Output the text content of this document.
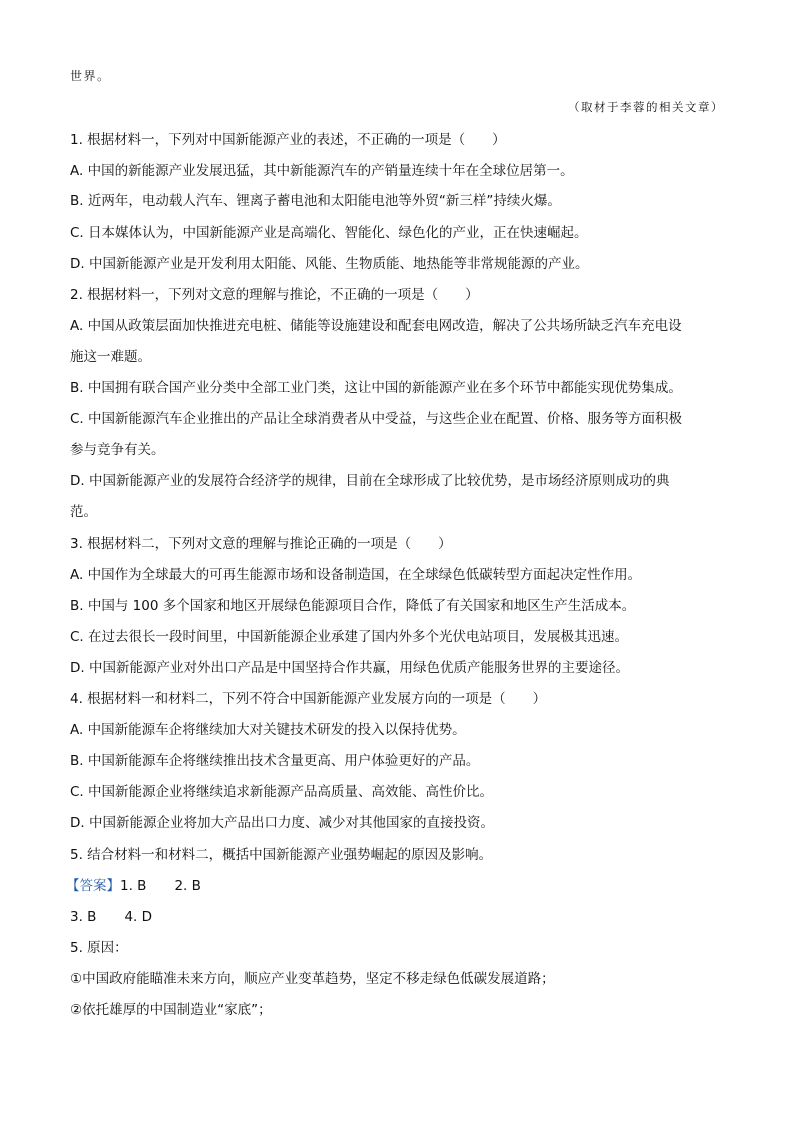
世界。
（取材于李蓉的相关文章）
1. 根据材料一，下列对中国新能源产业的表述，不正确的一项是（　　）
A. 中国的新能源产业发展迅猛，其中新能源汽车的产销量连续十年在全球位居第一。
B. 近两年，电动载人汽车、锂离子蓄电池和太阳能电池等外贸“新三样”持续火爆。
C. 日本媒体认为，中国新能源产业是高端化、智能化、绿色化的产业，正在快速崛起。
D. 中国新能源产业是开发利用太阳能、风能、生物质能、地热能等非常规能源的产业。
2. 根据材料一，下列对文意的理解与推论，不正确的一项是（　　）
A. 中国从政策层面加快推进充电桩、储能等设施建设和配套电网改造，解决了公共场所缺乏汽车充电设
施这一难题。
B. 中国拥有联合国产业分类中全部工业门类，这让中国的新能源产业在多个环节中都能实现优势集成。
C. 中国新能源汽车企业推出的产品让全球消费者从中受益，与这些企业在配置、价格、服务等方面积极
参与竞争有关。
D. 中国新能源产业的发展符合经济学的规律，目前在全球形成了比较优势，是市场经济原则成功的典
范。
3. 根据材料二，下列对文意的理解与推论正确的一项是（　　）
A. 中国作为全球最大的可再生能源市场和设备制造国，在全球绿色低碳转型方面起决定性作用。
B. 中国与 100 多个国家和地区开展绿色能源项目合作，降低了有关国家和地区生产生活成本。
C. 在过去很长一段时间里，中国新能源企业承建了国内外多个光伏电站项目，发展极其迅速。
D. 中国新能源产业对外出口产品是中国坚持合作共赢，用绿色优质产能服务世界的主要途径。
4. 根据材料一和材料二，下列不符合中国新能源产业发展方向的一项是（　　）
A. 中国新能源车企将继续加大对关键技术研发的投入以保持优势。
B. 中国新能源车企将继续推出技术含量更高、用户体验更好的产品。
C. 中国新能源企业将继续追求新能源产品高质量、高效能、高性价比。
D. 中国新能源企业将加大产品出口力度、减少对其他国家的直接投资。
5. 结合材料一和材料二，概括中国新能源产业强势崛起的原因及影响。
【答案】1. B 2. B
3. B 4. D
5. 原因：
①中国政府能瞄准未来方向，顺应产业变革趋势，坚定不移走绿色低碳发展道路；
②依托雄厚的中国制造业“家底”；
